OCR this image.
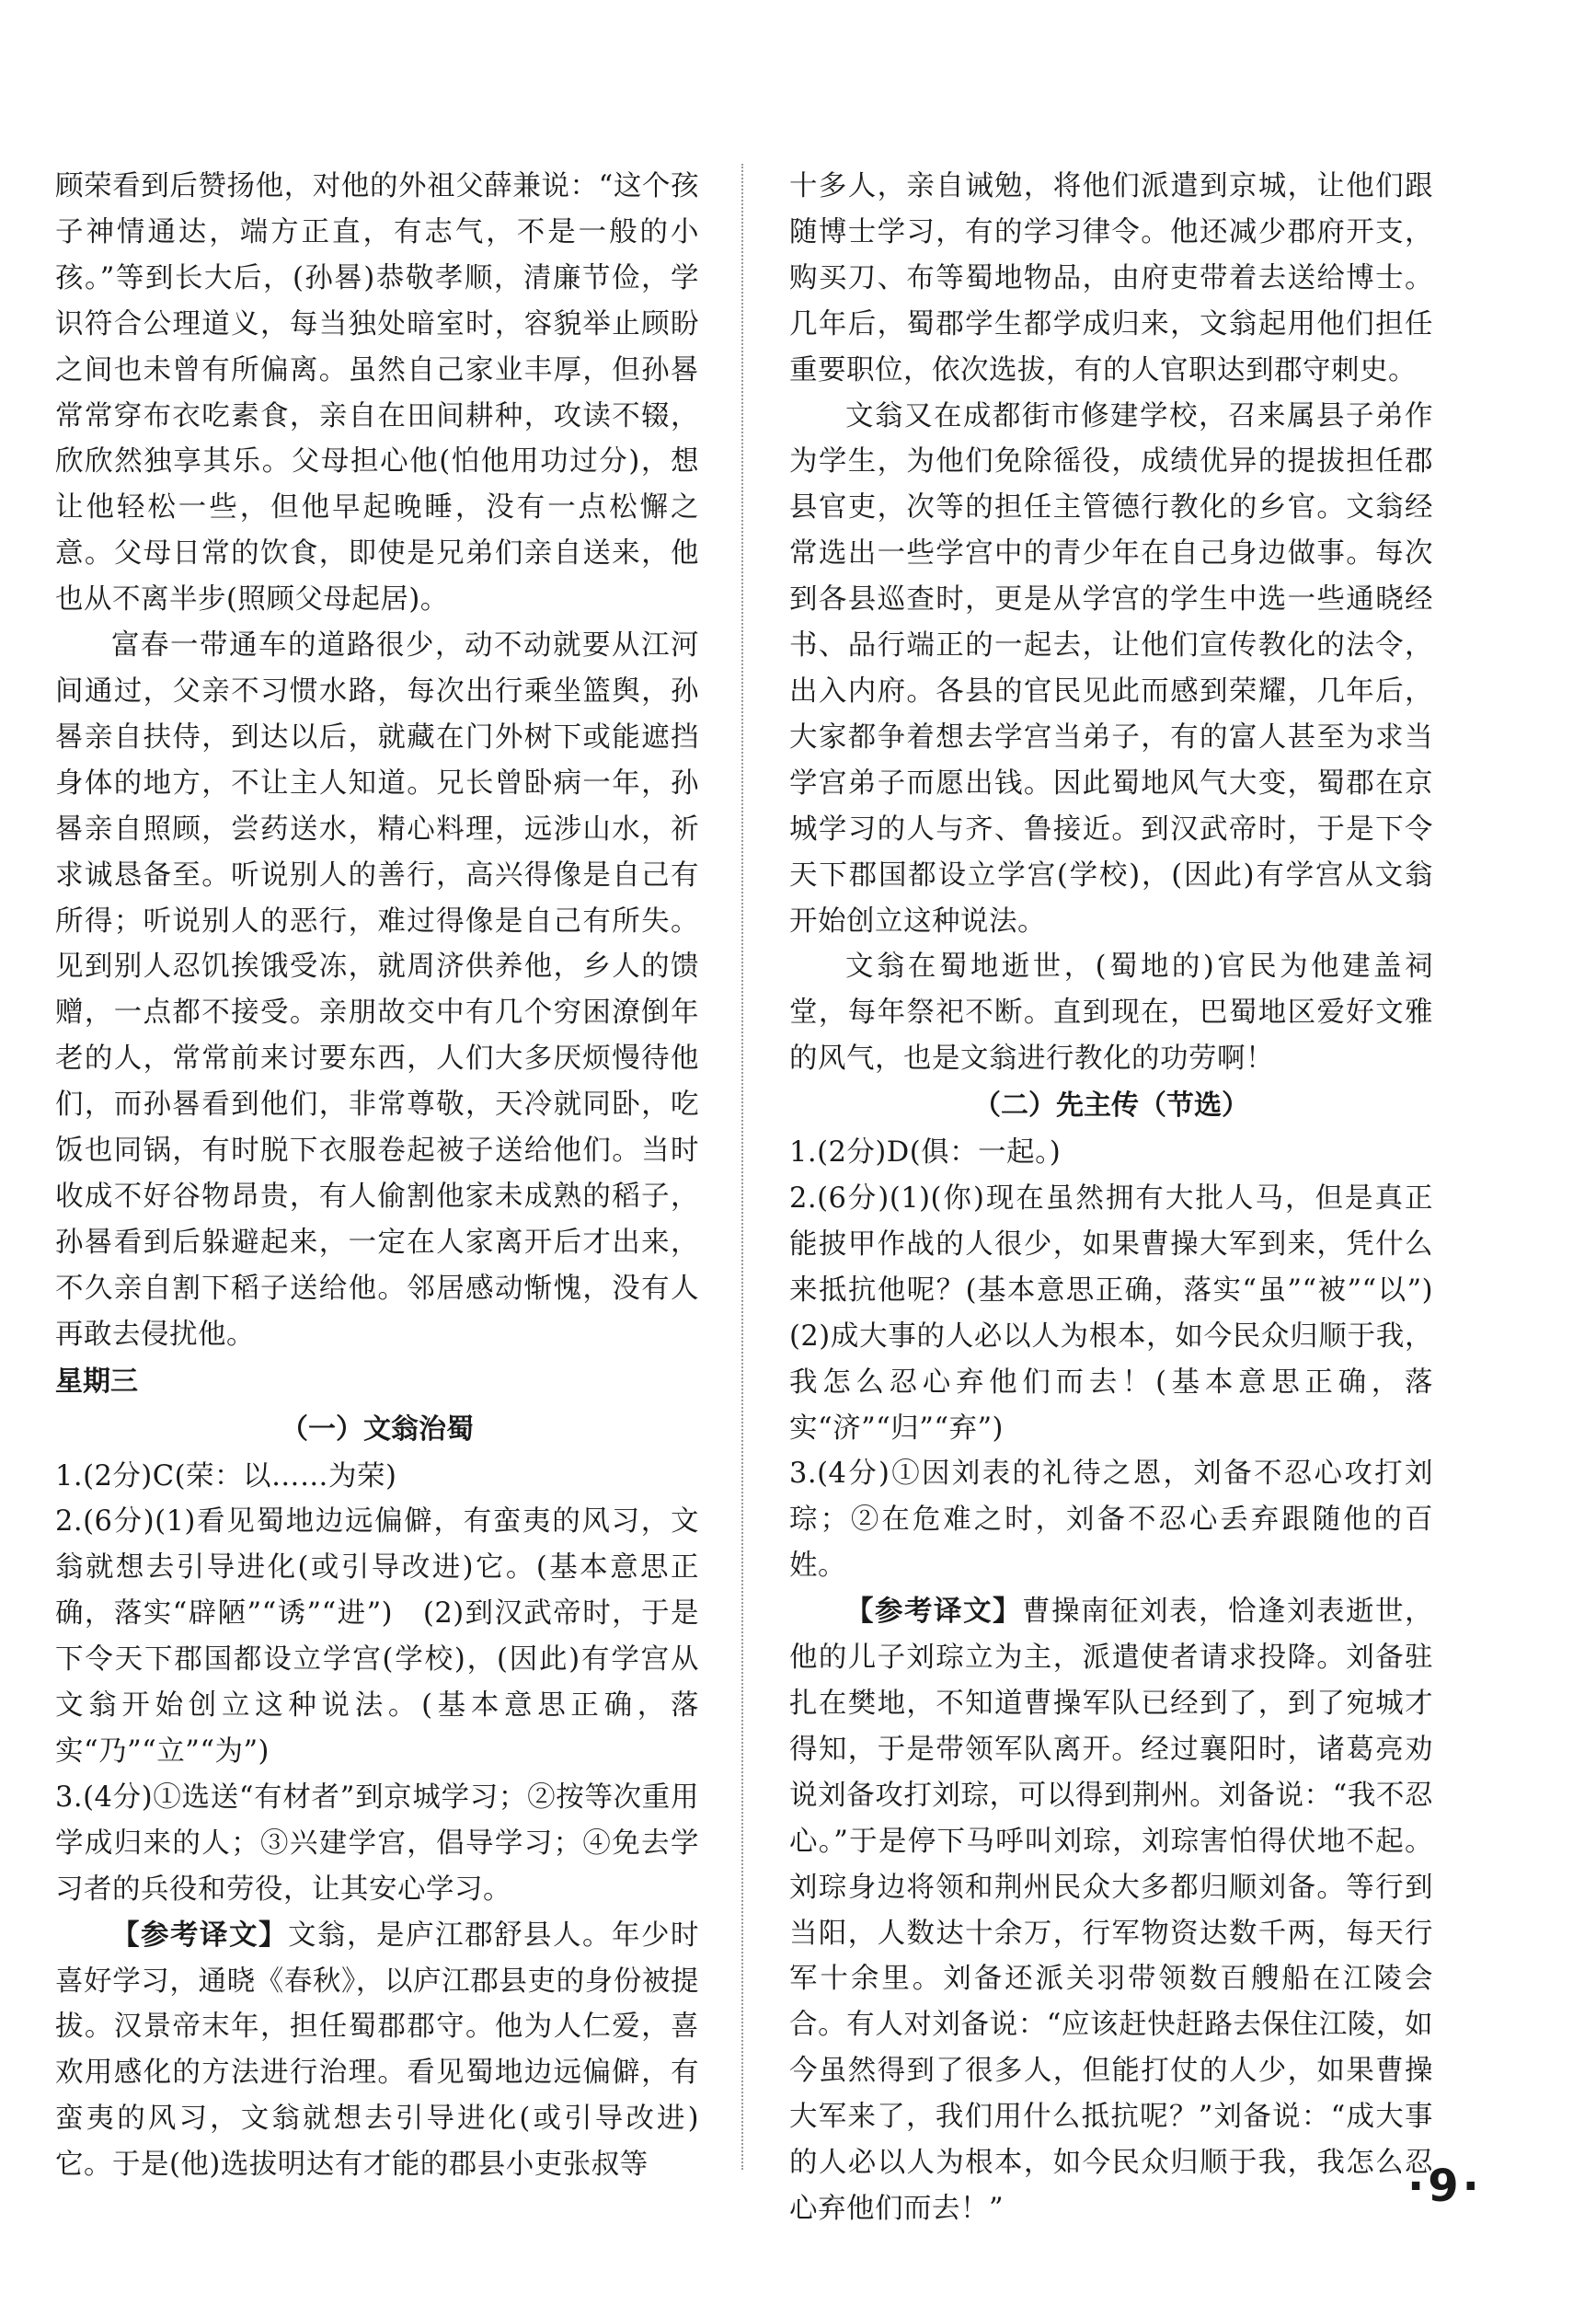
顾荣看到后赞扬他，对他的外祖父薛兼说：“这个孩子神情通达，端方正直，有志气，不是一般的小孩。”等到长大后，(孙晷)恭敬孝顺，清廉节俭，学识符合公理道义，每当独处暗室时，容貌举止顾盼之间也未曾有所偏离。虽然自己家业丰厚，但孙晷常常穿布衣吃素食，亲自在田间耕种，攻读不辍，欣欣然独享其乐。父母担心他(怕他用功过分)，想让他轻松一些，但他早起晚睡，没有一点松懈之意。父母日常的饮食，即使是兄弟们亲自送来，他也从不离半步(照顾父母起居)。

富春一带通车的道路很少，动不动就要从江河间通过，父亲不习惯水路，每次出行乘坐篮舆，孙晷亲自扶侍，到达以后，就藏在门外树下或能遮挡身体的地方，不让主人知道。兄长曾卧病一年，孙晷亲自照顾，尝药送水，精心料理，远涉山水，祈求诚恳备至。听说别人的善行，高兴得像是自己有所得；听说别人的恶行，难过得像是自己有所失。见到别人忍饥挨饿受冻，就周济供养他，乡人的馈赠，一点都不接受。亲朋故交中有几个穷困潦倒年老的人，常常前来讨要东西，人们大多厌烦慢待他们，而孙晷看到他们，非常尊敬，天冷就同卧，吃饭也同锅，有时脱下衣服卷起被子送给他们。当时收成不好谷物昂贵，有人偷割他家未成熟的稻子，孙晷看到后躲避起来，一定在人家离开后才出来，不久亲自割下稻子送给他。邻居感动惭愧，没有人再敢去侵扰他。

星期三

（一）文翁治蜀

1.(2分)C(荣：以……为荣)

2.(6分)(1)看见蜀地边远偏僻，有蛮夷的风习，文翁就想去引导进化(或引导改进)它。(基本意思正确，落实“辟陋”“诱”“进”)　(2)到汉武帝时，于是下令天下郡国都设立学宫(学校)，(因此)有学宫从文翁开始创立这种说法。(基本意思正确，落实“乃”“立”“为”)

3.(4分)①选送“有材者”到京城学习；②按等次重用学成归来的人；③兴建学宫，倡导学习；④免去学习者的兵役和劳役，让其安心学习。

【参考译文】文翁，是庐江郡舒县人。年少时喜好学习，通晓《春秋》，以庐江郡县吏的身份被提拔。汉景帝末年，担任蜀郡郡守。他为人仁爱，喜欢用感化的方法进行治理。看见蜀地边远偏僻，有蛮夷的风习，文翁就想去引导进化(或引导改进)它。于是(他)选拔明达有才能的郡县小吏张叔等

十多人，亲自诫勉，将他们派遣到京城，让他们跟随博士学习，有的学习律令。他还减少郡府开支，购买刀、布等蜀地物品，由府吏带着去送给博士。几年后，蜀郡学生都学成归来，文翁起用他们担任重要职位，依次选拔，有的人官职达到郡守刺史。

文翁又在成都街市修建学校，召来属县子弟作为学生，为他们免除徭役，成绩优异的提拔担任郡县官吏，次等的担任主管德行教化的乡官。文翁经常选出一些学宫中的青少年在自己身边做事。每次到各县巡查时，更是从学宫的学生中选一些通晓经书、品行端正的一起去，让他们宣传教化的法令，出入内府。各县的官民见此而感到荣耀，几年后，大家都争着想去学宫当弟子，有的富人甚至为求当学宫弟子而愿出钱。因此蜀地风气大变，蜀郡在京城学习的人与齐、鲁接近。到汉武帝时，于是下令天下郡国都设立学宫(学校)，(因此)有学宫从文翁开始创立这种说法。

文翁在蜀地逝世，(蜀地的)官民为他建盖祠堂，每年祭祀不断。直到现在，巴蜀地区爱好文雅的风气，也是文翁进行教化的功劳啊！

（二）先主传（节选）

1.(2分)D(俱：一起。)

2.(6分)(1)(你)现在虽然拥有大批人马，但是真正能披甲作战的人很少，如果曹操大军到来，凭什么来抵抗他呢？(基本意思正确，落实“虽”“被”“以”)　(2)成大事的人必以人为根本，如今民众归顺于我，我怎么忍心弃他们而去！(基本意思正确，落实“济”“归”“弃”)

3.(4分)①因刘表的礼待之恩，刘备不忍心攻打刘琮；②在危难之时，刘备不忍心丢弃跟随他的百姓。

【参考译文】曹操南征刘表，恰逢刘表逝世，他的儿子刘琮立为主，派遣使者请求投降。刘备驻扎在樊地，不知道曹操军队已经到了，到了宛城才得知，于是带领军队离开。经过襄阳时，诸葛亮劝说刘备攻打刘琮，可以得到荆州。刘备说：“我不忍心。”于是停下马呼叫刘琮，刘琮害怕得伏地不起。刘琮身边将领和荆州民众大多都归顺刘备。等行到当阳，人数达十余万，行军物资达数千两，每天行军十余里。刘备还派关羽带领数百艘船在江陵会合。有人对刘备说：“应该赶快赶路去保住江陵，如今虽然得到了很多人，但能打仗的人少，如果曹操大军来了，我们用什么抵抗呢？”刘备说：“成大事的人必以人为根本，如今民众归顺于我，我怎么忍心弃他们而去！”	·9·
